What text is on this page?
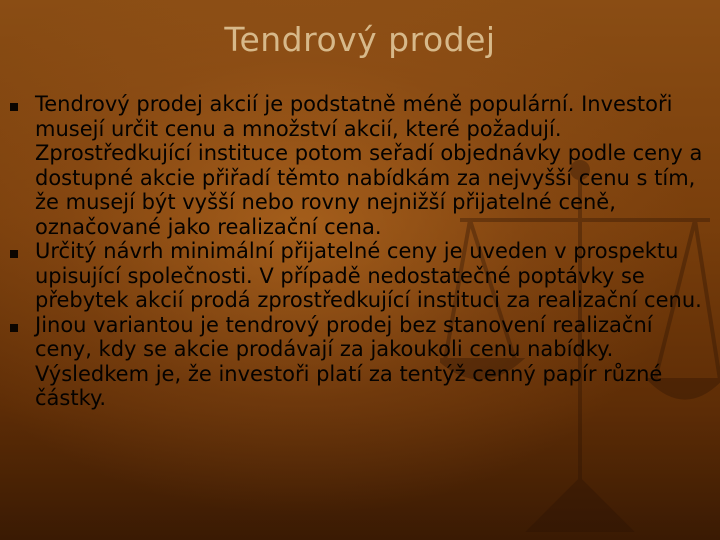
Tendrový prodej
Tendrový prodej akcií je podstatně méně populární. Investoři musejí určit cenu a množství akcií, které požadují. Zprostředkující instituce potom seřadí objednávky podle ceny a dostupné akcie přiřadí těmto nabídkám za nejvyšší cenu s tím, že musejí být vyšší nebo rovny nejnižší přijatelné ceně, označované jako realizační cena.
Určitý návrh minimální přijatelné ceny je uveden v prospektu upisující společnosti. V případě nedostatečné poptávky se přebytek akcií prodá zprostředkující instituci za realizační cenu.
Jinou variantou je tendrový prodej bez stanovení realizační ceny, kdy se akcie prodávají za jakoukoli cenu nabídky. Výsledkem je, že investoři platí za tentýž cenný papír různé částky.
